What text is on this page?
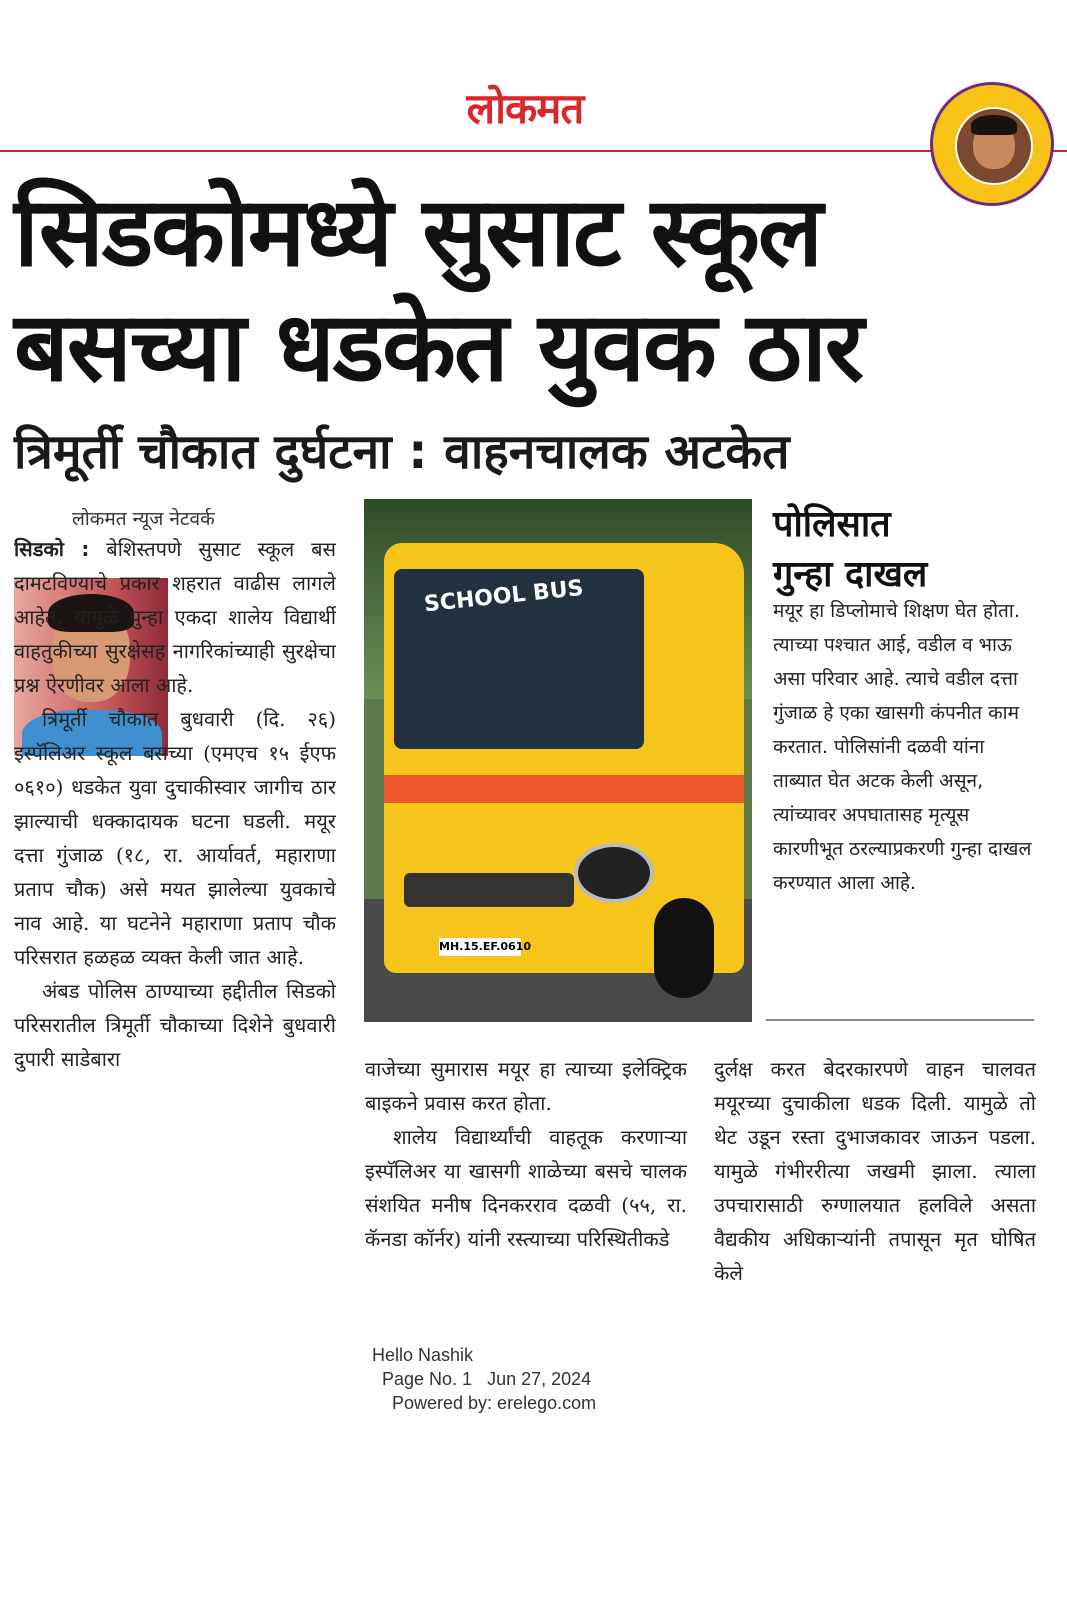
लोकमत
सिडकोमध्ये सुसाट स्कूल
बसच्या धडकेत युवक ठार
त्रिमूर्ती चौकात दुर्घटना : वाहनचालक अटकेत
लोकमत न्यूज नेटवर्क

सिडको : बेशिस्तपणे सुसाट स्कूल बस दामटविण्याचे प्रकार शहरात वाढीस लागले आहेत. यामुळे पुन्हा एकदा शालेय विद्यार्थी वाहतुकीच्या सुरक्षेसह नागरिकांच्याही सुरक्षेचा प्रश्न ऐरणीवर आला आहे.

त्रिमूर्ती चौकात बुधवारी (दि. २६) इस्पॅलिअर स्कूल बसच्या (एमएच १५ ईएफ ०६१०) धडकेत युवा दुचाकीस्वार जागीच ठार झाल्याची धक्कादायक घटना घडली. मयूर दत्ता गुंजाळ (१८, रा. आर्यावर्त, महाराणा प्रताप चौक) असे मयत झालेल्या युवकाचे नाव आहे. या घटनेने महाराणा प्रताप चौक परिसरात हळहळ व्यक्त केली जात आहे.

अंबड पोलिस ठाण्याच्या हद्दीतील सिडको परिसरातील त्रिमूर्ती चौकाच्या दिशेने बुधवारी दुपारी साडेबारा

SCHOOL BUS
MH.15.EF.0610
पोलिसात
गुन्हा दाखल
मयूर हा डिप्लोमाचे शिक्षण घेत होता. त्याच्या पश्चात आई, वडील व भाऊ असा परिवार आहे. त्याचे वडील दत्ता गुंजाळ हे एका खासगी कंपनीत काम करतात. पोलिसांनी दळवी यांना ताब्यात घेत अटक केली असून, त्यांच्यावर अपघातासह मृत्यूस कारणीभूत ठरल्याप्रकरणी गुन्हा दाखल करण्यात आला आहे.

वाजेच्या सुमारास मयूर हा त्याच्या इलेक्ट्रिक बाइकने प्रवास करत होता.

शालेय विद्यार्थ्यांची वाहतूक करणाऱ्या इस्पॅलिअर या खासगी शाळेच्या बसचे चालक संशयित मनीष दिनकरराव दळवी (५५, रा. कॅनडा कॉर्नर) यांनी रस्त्याच्या परिस्थितीकडे

दुर्लक्ष करत बेदरकारपणे वाहन चालवत मयूरच्या दुचाकीला धडक दिली. यामुळे तो थेट उडून रस्ता दुभाजकावर जाऊन पडला. यामुळे गंभीररीत्या जखमी झाला. त्याला उपचारासाठी रुग्णालयात हलविले असता वैद्यकीय अधिकाऱ्यांनी तपासून मृत घोषित केले

Hello Nashik
Page No. 1 Jun 27, 2024
Powered by: erelego.com
